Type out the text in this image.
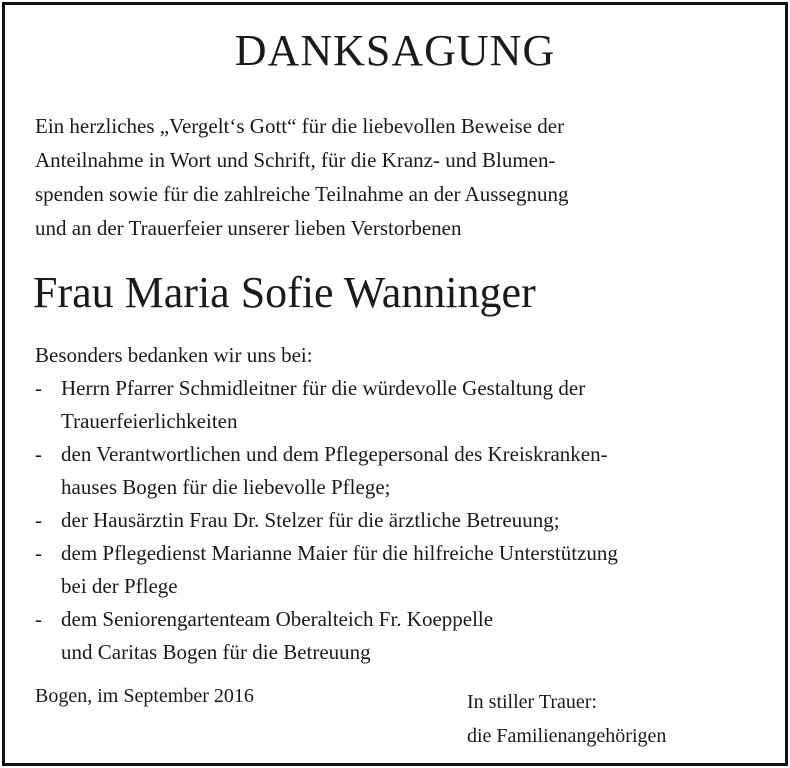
DANKSAGUNG
Ein herzliches „Vergelt‘s Gott“ für die liebevollen Beweise der
Anteilnahme in Wort und Schrift, für die Kranz- und Blumen-
spenden sowie für die zahlreiche Teilnahme an der Aussegnung
und an der Trauerfeier unserer lieben Verstorbenen
Frau Maria Sofie Wanninger
Besonders bedanken wir uns bei:
- Herrn Pfarrer Schmidleitner für die würdevolle Gestaltung der
Trauerfeierlichkeiten
- den Verantwortlichen und dem Pflegepersonal des Kreiskranken-
hauses Bogen für die liebevolle Pflege;
- der Hausärztin Frau Dr. Stelzer für die ärztliche Betreuung;
- dem Pflegedienst Marianne Maier für die hilfreiche Unterstützung
bei der Pflege
- dem Seniorengartenteam Oberalteich Fr. Koeppelle
und Caritas Bogen für die Betreuung
Bogen, im September 2016	In stiller Trauer:
die Familienangehörigen
